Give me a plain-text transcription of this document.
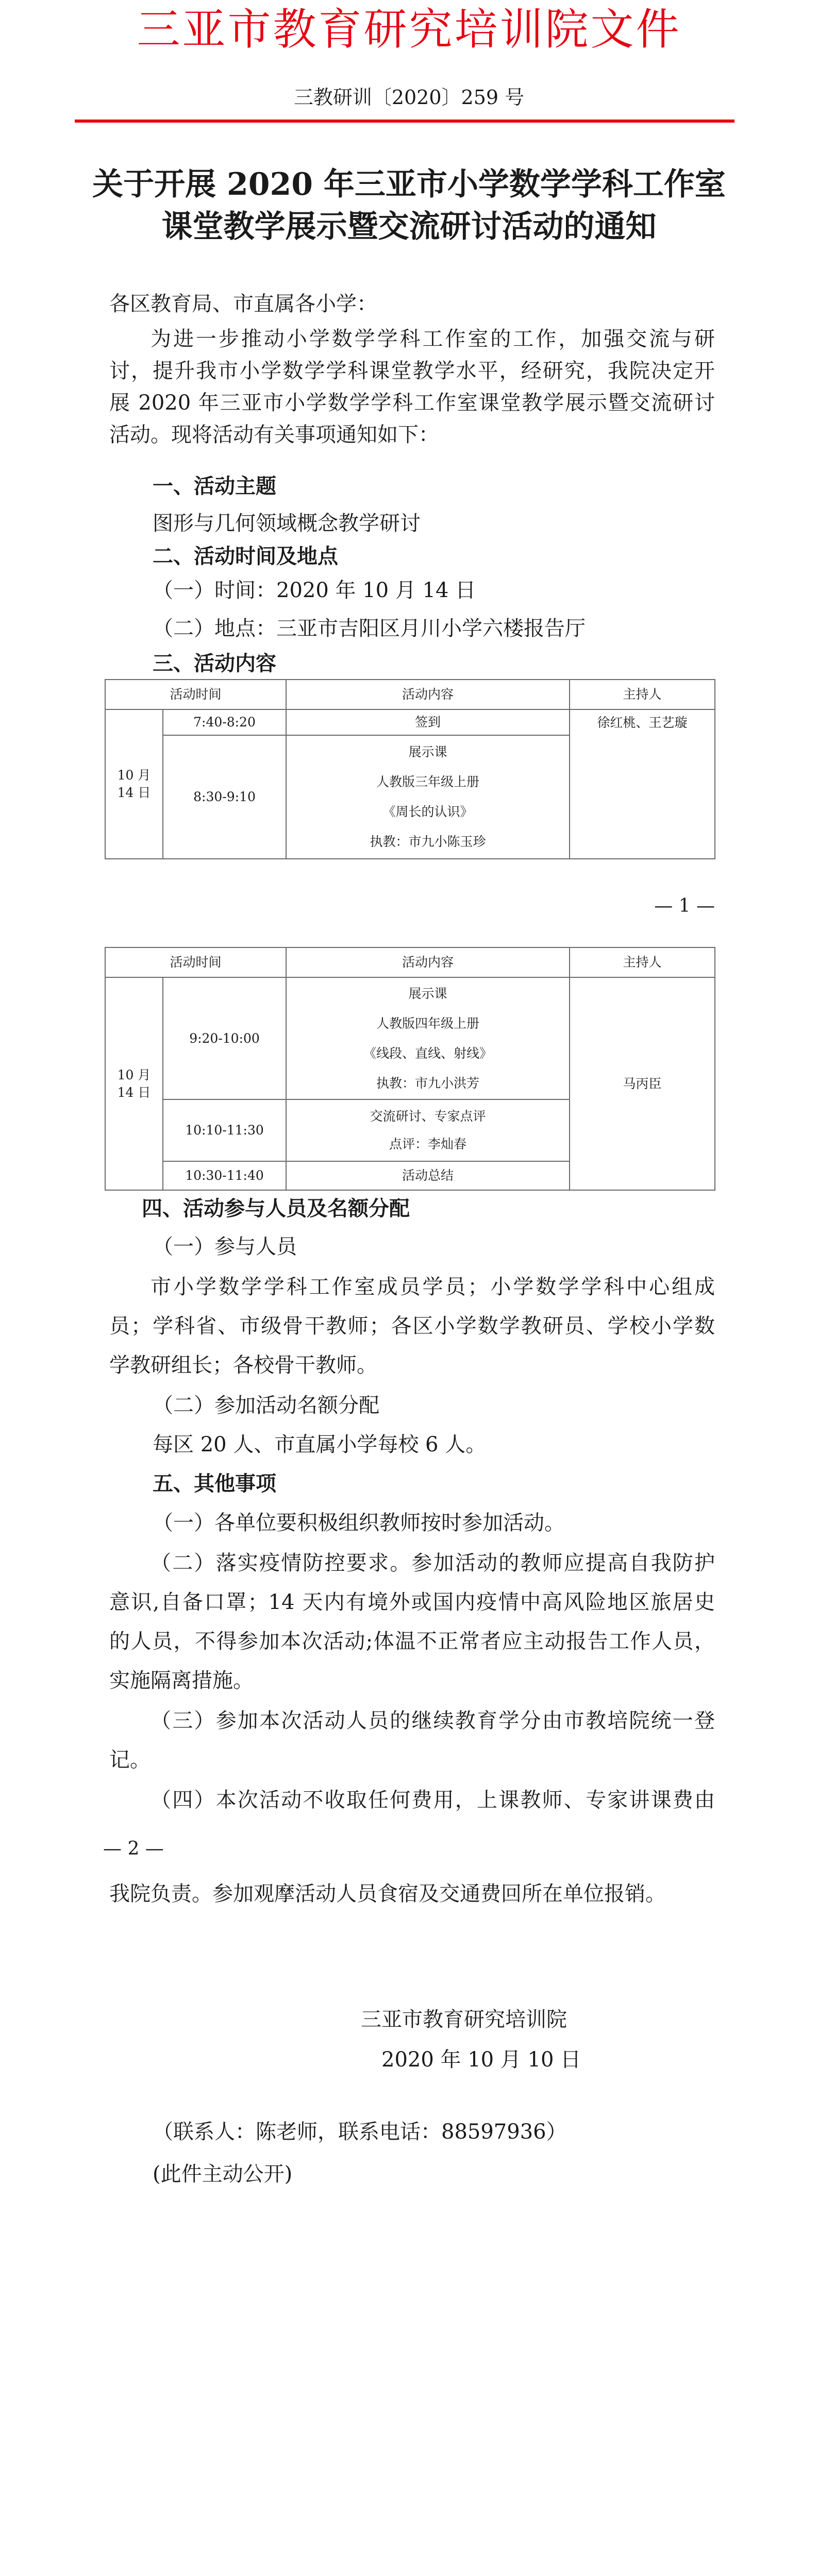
三亚市教育研究培训院文件
三教研训〔2020〕259 号
关于开展 2020 年三亚市小学数学学科工作室
课堂教学展示暨交流研讨活动的通知
各区教育局、市直属各小学：
为进一步推动小学数学学科工作室的工作，加强交流与研
讨，提升我市小学数学学科课堂教学水平，经研究，我院决定开
展 2020 年三亚市小学数学学科工作室课堂教学展示暨交流研讨
活动。现将活动有关事项通知如下：
一、活动主题
图形与几何领域概念教学研讨
二、活动时间及地点
（一）时间：2020 年 10 月 14 日
（二）地点：三亚市吉阳区月川小学六楼报告厅
三、活动内容
活动时间		活动内容	主持人

10 月
14 日	7:40-8:20	签到	徐红桃、王艺璇
	8:30-9:10	展示课
人教版三年级上册
《周长的认识》
执教：市九小陈玉珍	
— 1 —
活动时间		活动内容	主持人

10 月
14 日	9:20-10:00	展示课
人教版四年级上册
《线段、直线、射线》
执教：市九小洪芳	马丙臣
	10:10-11:30	交流研讨、专家点评
点评：李灿春	

	10:30-11:40	活动总结	
四、活动参与人员及名额分配
（一）参与人员
市小学数学学科工作室成员学员；小学数学学科中心组成
员；学科省、市级骨干教师；各区小学数学教研员、学校小学数
学教研组长；各校骨干教师。
（二）参加活动名额分配
每区 20 人、市直属小学每校 6 人。
五、其他事项
（一）各单位要积极组织教师按时参加活动。
（二）落实疫情防控要求。参加活动的教师应提高自我防护
意识,自备口罩；14 天内有境外或国内疫情中高风险地区旅居史
的人员，不得参加本次活动;体温不正常者应主动报告工作人员，
实施隔离措施。
（三）参加本次活动人员的继续教育学分由市教培院统一登
记。
（四）本次活动不收取任何费用，上课教师、专家讲课费由
— 2 —
我院负责。参加观摩活动人员食宿及交通费回所在单位报销。
三亚市教育研究培训院
2020 年 10 月 10 日
（联系人：陈老师，联系电话：88597936）
(此件主动公开)
